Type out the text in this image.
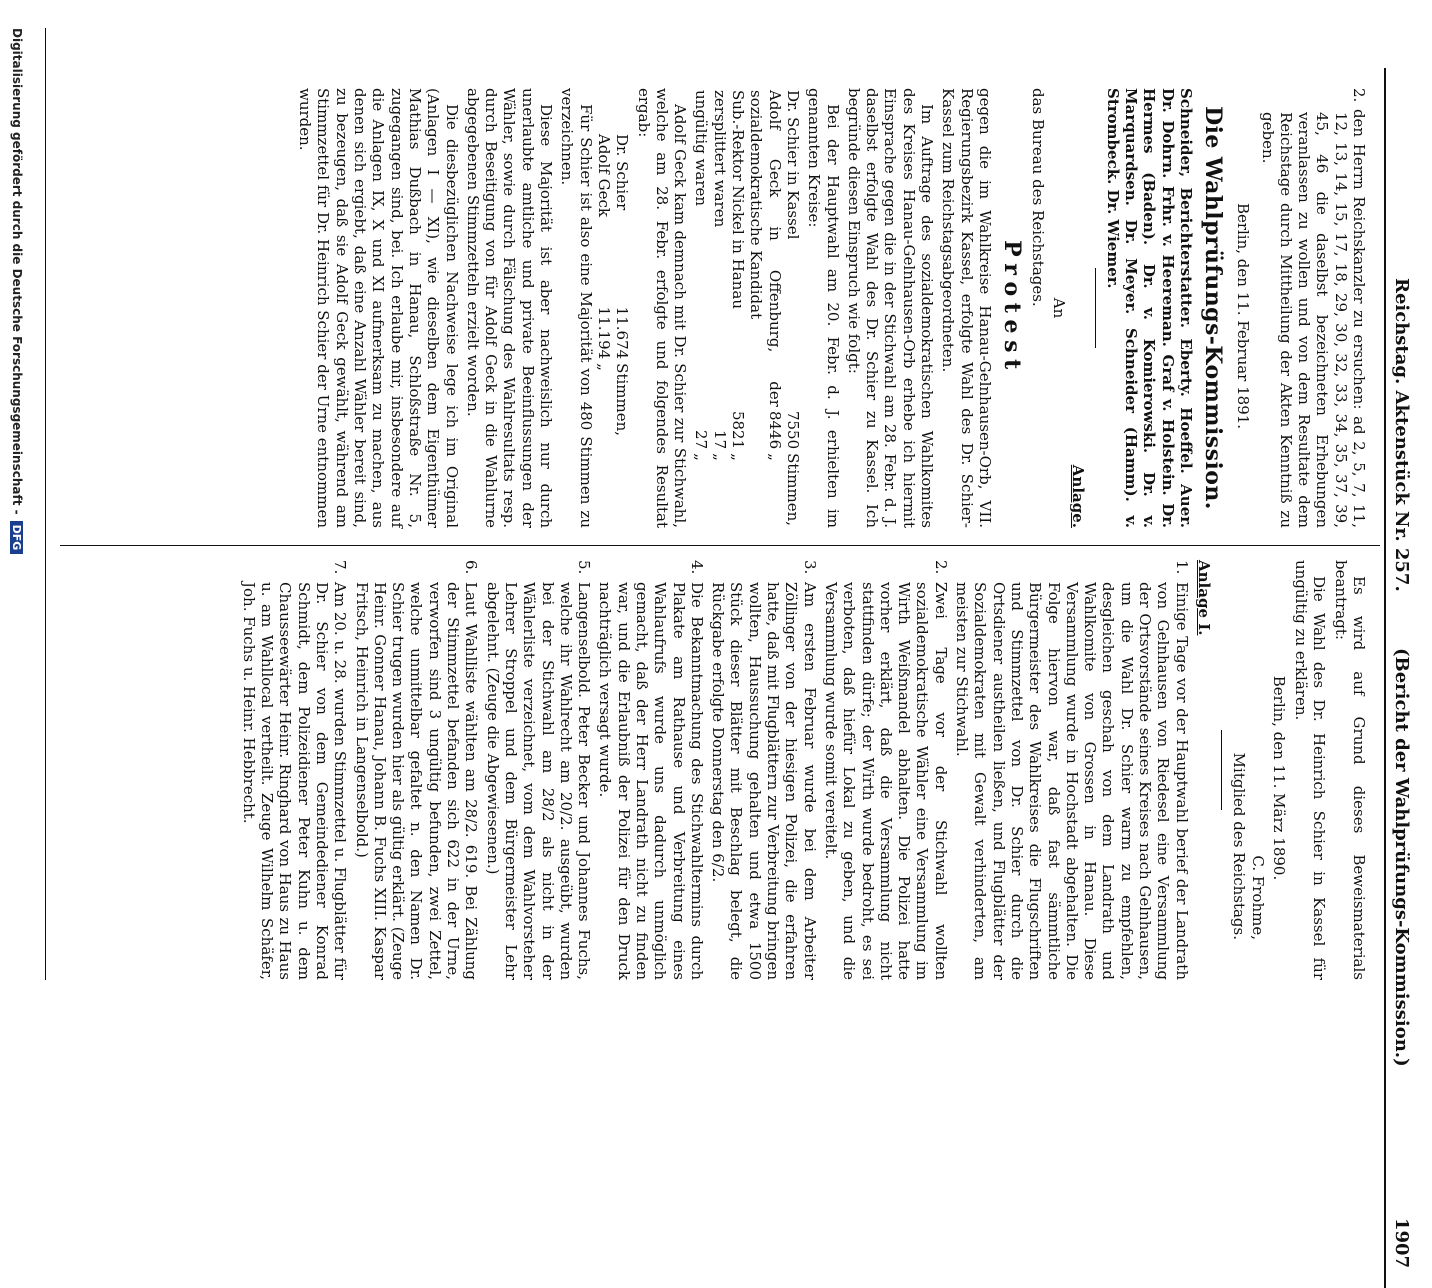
Reichstag. Aktenstück Nr. 257.
(Bericht der Wahlprüfungs-Kommission.)
1907

2. den Herrn Reichskanzler zu ersuchen: ad 2, 5, 7, 11, 12, 13, 14, 15, 17, 18, 29, 30, 32, 33, 34, 35, 37, 39, 45, 46 die daselbst bezeichneten Erhebungen veranlassen zu wollen und von dem Resultate dem Reichstage durch Mittheilung der Akten Kenntniß zu geben.

Berlin, den 11. Februar 1891.

Die Wahlprüfungs-Kommission.

Schneider, Berichterstatter. Eberty. Hoeffel. Auer. Dr. Dohrn. Frhr. v. Heereman. Graf v. Holstein. Dr. Hermes (Baden). Dr. v. Komierowski. Dr. v. Marquardsen. Dr. Meyer. Schneider (Hamm). v. Strombeck. Dr. Wiemer.

Anlage.

An

das Bureau des Reichstages.

Protest

gegen die im Wahlkreise Hanau-Gelnhausen-Orb, VII. Regierungsbezirk Kassel, erfolgte Wahl des Dr. Schier-Kassel zum Reichstagsabgeordneten.

Im Auftrage des sozialdemokratischen Wahlkomites des Kreises Hanau-Gelnhausen-Orb erhebe ich hiermit Einsprache gegen die in der Stichwahl am 28. Febr. d. J. daselbst erfolgte Wahl des Dr. Schier zu Kassel. Ich begründe diesen Einspruch wie folgt:

Bei der Hauptwahl am 20. Febr. d. J. erhielten im genannten Kreise:

Dr. Schier in Kassel	7550	Stimmen,
Adolf Geck in Offenburg, der sozialdemokratische Kandidat	8446	„
Sub.-Rektor Nickel in Hanau	5821	„
zersplittert waren	17	„
ungültig waren	27	„

Adolf Geck kam demnach mit Dr. Schier zur Stichwahl, welche am 28. Febr. erfolgte und folgendes Resultat ergab:

Dr. Schier	11.674	Stimmen,
Adolf Geck	11.194	„

Für Schier ist also eine Majorität von 480 Stimmen zu verzeichnen.

Diese Majorität ist aber nachweislich nur durch unerlaubte amtliche und private Beeinflussungen der Wähler, sowie durch Fälschung des Wahlresultats resp. durch Beseitigung von für Adolf Geck in die Wahlurne abgegebenen Stimmzetteln erzielt worden.

Die diesbezüglichen Nachweise lege ich im Original (Anlagen I — XI), wie dieselben dem Eigenthümer Mathias Dußbach in Hanau, Schloßstraße Nr. 5, zugegangen sind, bei. Ich erlaube mir, insbesondere auf die Anlagen IX, X und XI aufmerksam zu machen, aus denen sich ergiebt, daß eine Anzahl Wähler bereit sind, zu bezeugen, daß sie Adolf Geck gewählt, während am Stimmzettel für Dr. Heinrich Schier der Urne entnommen wurden.

Es wird auf Grund dieses Beweismaterials beantragt:

Die Wahl des Dr. Heinrich Schier in Kassel für ungültig zu erklären.

Berlin, den 11. März 1890.

C. Frohme,
Mitglied des Reichstags.
Anlage I.
1.Einige Tage vor der Hauptwahl berief der Landrath von Gelnhausen von Riedesel eine Versammlung der Ortsvorstände seines Kreises nach Gelnhausen, um die Wahl Dr. Schier warm zu empfehlen, desgleichen geschah von dem Landrath und Wahlkomite von Grossen in Hanau. Diese Versammlung wurde in Hochstadt abgehalten. Die Folge hiervon war, daß fast sämmtliche Bürgermeister des Wahlkreises die Flugschriften und Stimmzettel von Dr. Schier durch die Ortsdiener austheilen ließen, und Flugblätter der Sozialdemokraten mit Gewalt verhinderten, am meisten zur Stichwahl.
2.Zwei Tage vor der Stichwahl wollten sozialdemokratische Wähler eine Versammlung im Wirth Weißmandel abhalten. Die Polizei hatte vorher erklärt, daß die Versammlung nicht stattfinden dürfe; der Wirth wurde bedroht, es sei verboten, daß hiefür Lokal zu geben, und die Versammlung wurde somit vereitelt.
3.Am ersten Februar wurde bei dem Arbeiter Zöllinger von der hiesigen Polizei, die erfahren hatte, daß mit Flugblättern zur Verbreitung bringen wollten, Haussuchung gehalten und etwa 1500 Stück dieser Blätter mit Beschlag belegt, die Rückgabe erfolgte Donnerstag den 6/2.
4.Die Bekanntmachung des Stichwahltermins durch Plakate am Rathause und Verbreitung eines Wahlaufrufs wurde uns dadurch unmöglich gemacht, daß der Herr Landrath nicht zu finden war, und die Erlaubniß der Polizei für den Druck nachträglich versagt wurde.
5.Langenselbold. Peter Becker und Johannes Fuchs, welche ihr Wahlrecht am 20/2. ausgeübt, wurden bei der Stichwahl am 28/2 als nicht in der Wählerliste verzeichnet, vom dem Wahlvorsteher Lehrer Stroppel und dem Bürgermeister Lehr abgelehnt. (Zeuge die Abgewiesenen.)
6.Laut Wahlliste wählten am 28/2. 619. Bei Zählung der Stimmzettel befanden sich 622 in der Urne, verworfen sind 3 ungültig befunden, zwei Zettel, welche unmittelbar gefaltet n. den Namen Dr. Schier trugen wurden hier als gültig erklärt. (Zeuge Heinr. Gonner Hanau, Johann B. Fuchs XIII. Kaspar Fritsch, Heinrich in Langenselbold.)
7.Am 20. u. 28. wurden Stimmzettel u. Flugblätter für Dr. Schier von dem Gemeindediener Konrad Schmidt, dem Polizeidiener Peter Kuhn u. dem Chausseewärter Heinr. Ringhard von Haus zu Haus u. am Wahllocal vertheilt. Zeuge Wilhelm Schäfer, Joh. Fuchs u. Heinr. Hebbrecht.
Digitalisierung gefördert durch die Deutsche Forschungsgemeinschaft -DFG
